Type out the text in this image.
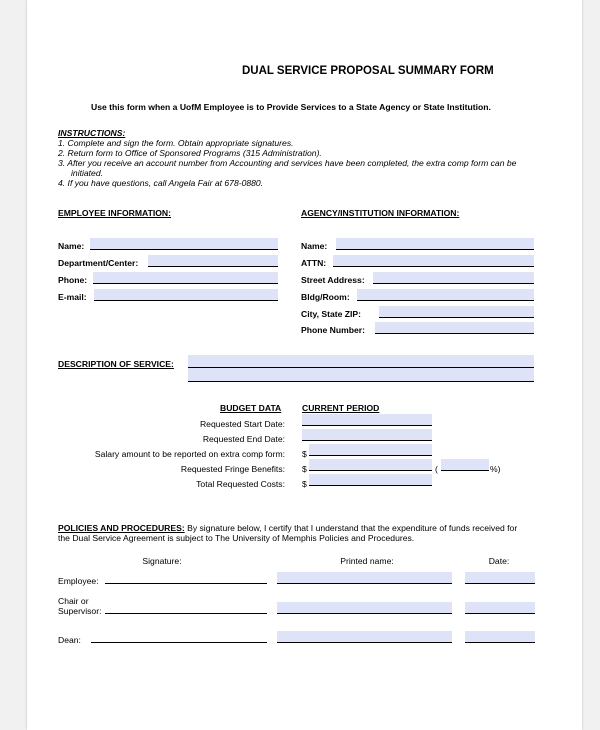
DUAL SERVICE PROPOSAL SUMMARY FORM
Use this form when a UofM Employee is to Provide Services to a State Agency or State Institution.
INSTRUCTIONS:
1. Complete and sign the form. Obtain appropriate signatures.
2. Return form to Office of Sponsored Programs (315 Administration).
3. After you receive an account number from Accounting and services have been completed, the extra comp form can be
initiated.
4. If you have questions, call Angela Fair at 678-0880.
EMPLOYEE INFORMATION:
Name:
Department/Center:
Phone:
E-mail:
AGENCY/INSTITUTION INFORMATION:
Name:
ATTN:
Street Address:
Bldg/Room:
City, State ZIP:
Phone Number:
DESCRIPTION OF SERVICE:
BUDGET DATA CURRENT PERIOD
Requested Start Date:
Requested End Date:
Salary amount to be reported on extra comp form: $
Requested Fringe Benefits: $	(	%)
Total Requested Costs: $
POLICIES AND PROCEDURES: By signature below, I certify that I understand that the expenditure of funds received for
the Dual Service Agreement is subject to The University of Memphis Policies and Procedures.
Signature:	Printed name:	Date:
Employee:
Chair or
Supervisor:
Dean:
